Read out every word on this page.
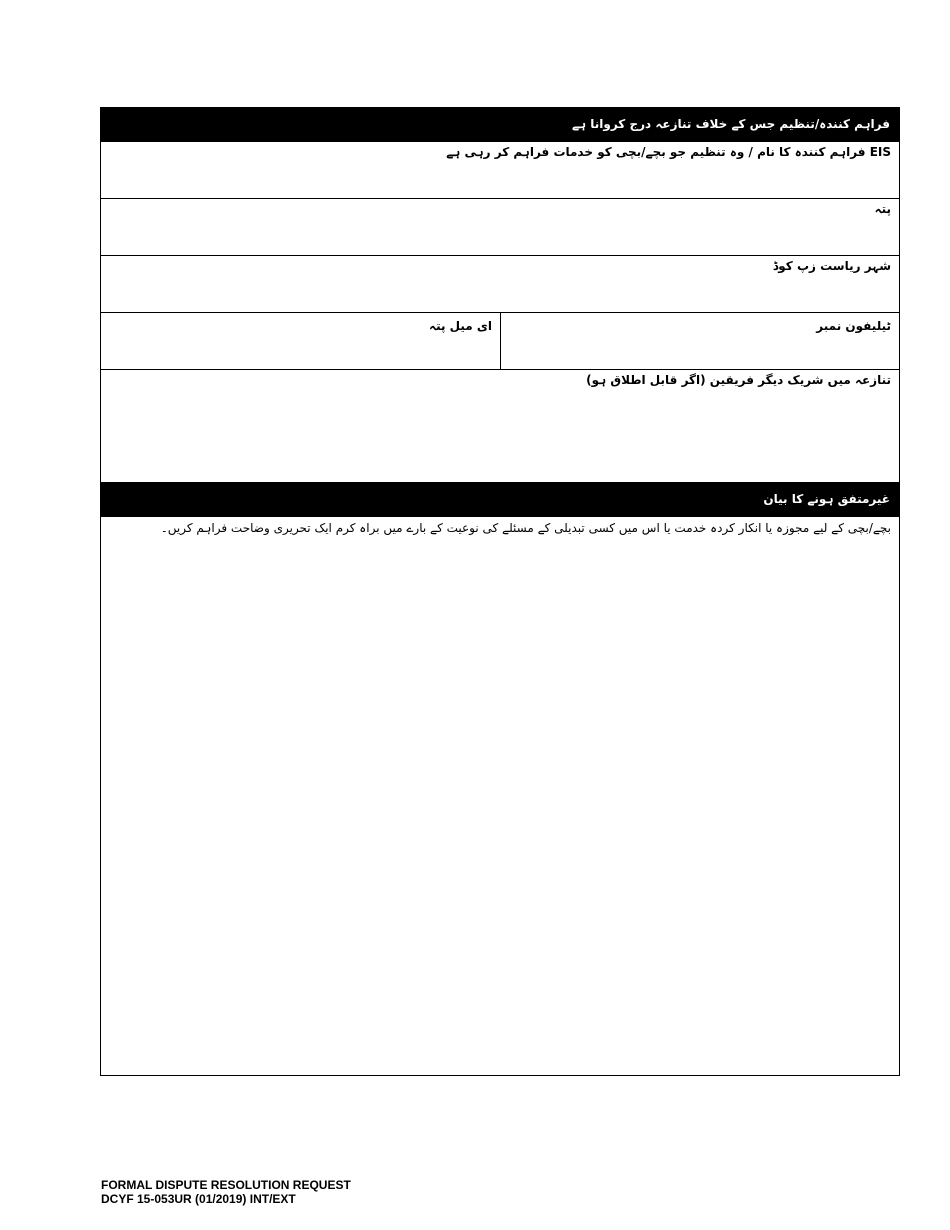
فراہم کنندہ/تنظیم جس کے خلاف تنازعہ درج کروانا ہے
EIS فراہم کنندہ کا نام / وہ تنظیم جو بچے/بچی کو خدمات فراہم کر رہی ہے
پتہ
شہر ریاست زپ کوڈ
ٹیلیفون نمبر
ای میل پتہ
تنازعہ میں شریک دیگر فریقین (اگر قابل اطلاق ہو)
غیرمتفق ہونے کا بیان
بچے/بچی کے لیے مجوزہ یا انکار کردہ خدمت یا اس میں کسی تبدیلی کے مسئلے کی نوعیت کے بارے میں براہ کرم ایک تحریری وضاحت فراہم کریں۔
FORMAL DISPUTE RESOLUTION REQUEST
DCYF 15-053UR (01/2019) INT/EXT
